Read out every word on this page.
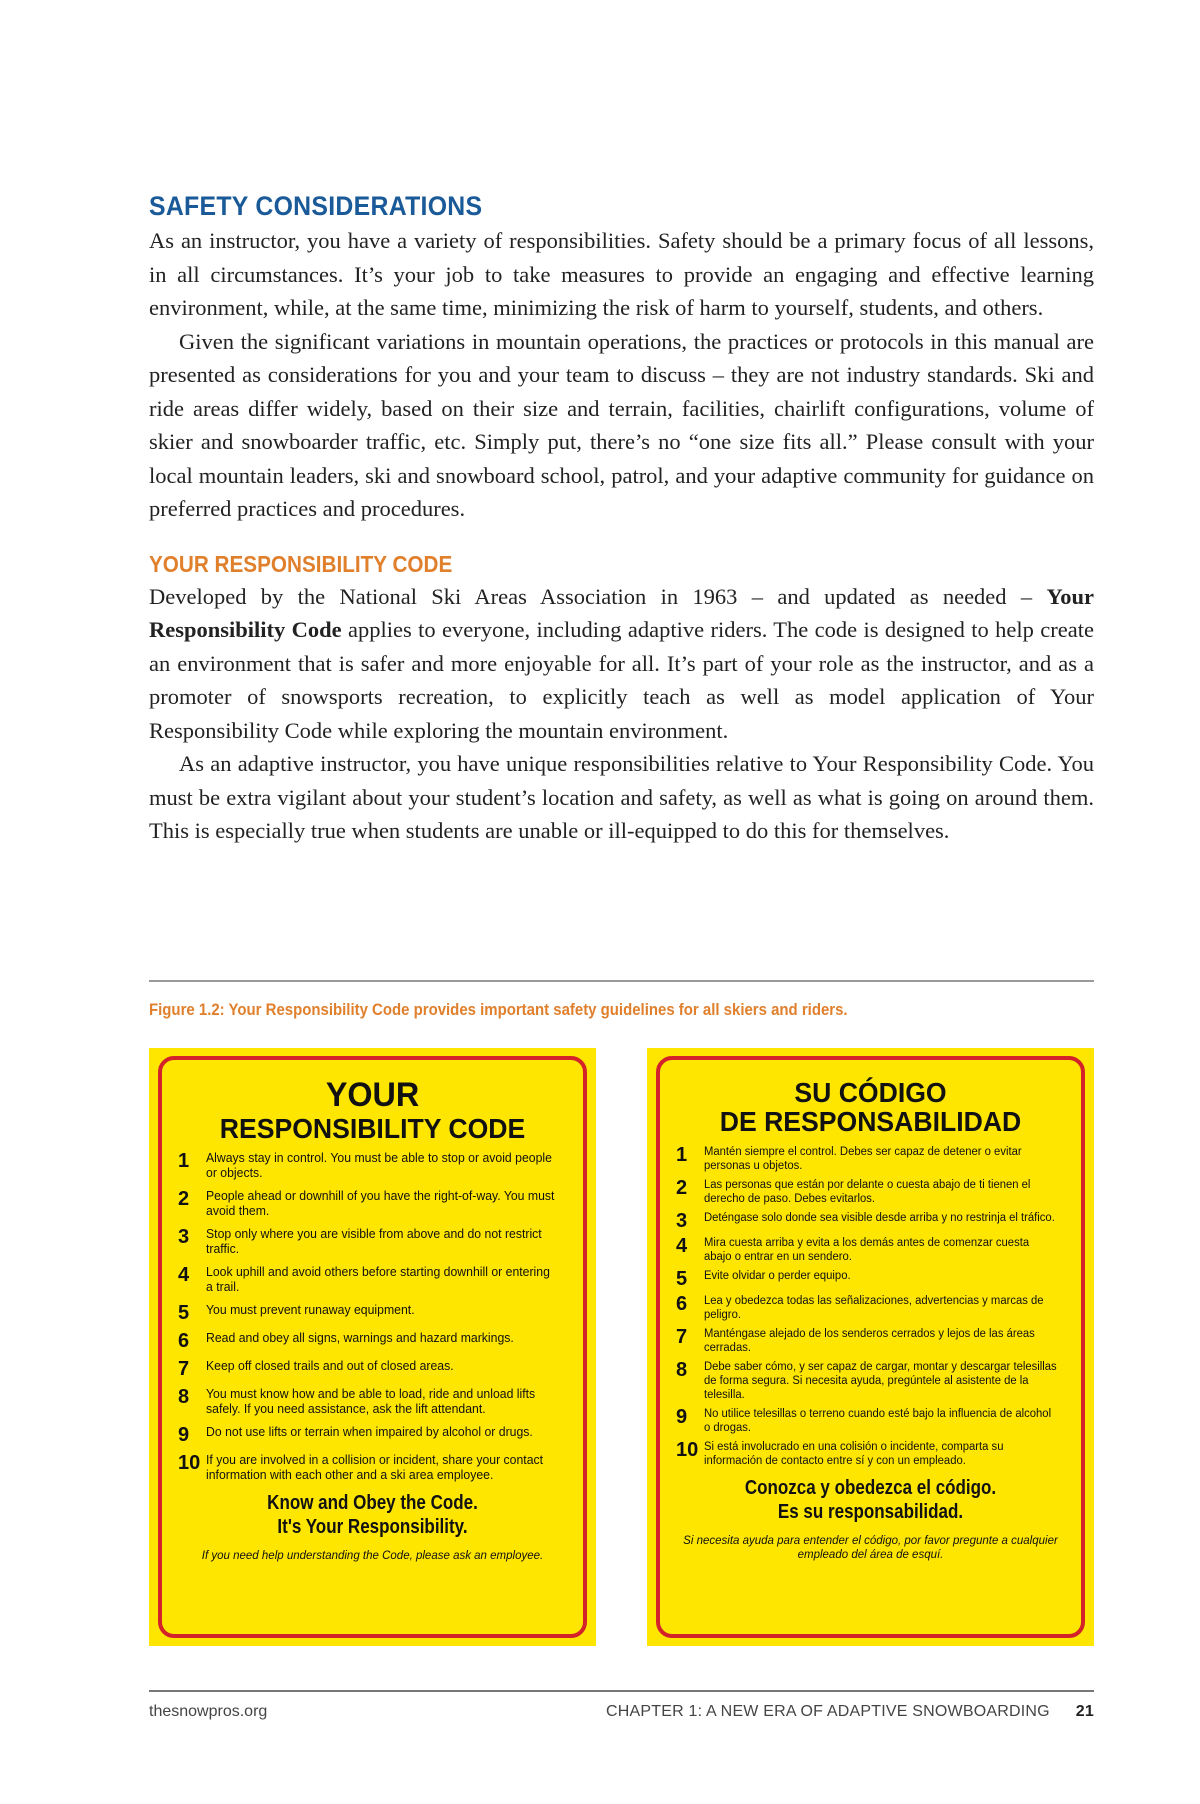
SAFETY CONSIDERATIONS

As an instructor, you have a variety of responsibilities. Safety should be a primary focus of all lessons, in all circumstances. It’s your job to take measures to provide an engaging and effective learning environment, while, at the same time, minimizing the risk of harm to yourself, students, and others.

Given the significant variations in mountain operations, the practices or protocols in this manual are presented as considerations for you and your team to discuss – they are not industry standards. Ski and ride areas differ widely, based on their size and terrain, facilities, chairlift configurations, volume of skier and snowboarder traffic, etc. Simply put, there’s no “one size fits all.” Please consult with your local mountain leaders, ski and snowboard school, patrol, and your adaptive community for guidance on preferred practices and procedures.

YOUR RESPONSIBILITY CODE

Developed by the National Ski Areas Association in 1963 – and updated as needed – Your Responsibility Code applies to everyone, including adaptive riders. The code is designed to help create an environment that is safer and more enjoyable for all. It’s part of your role as the instructor, and as a promoter of snowsports recreation, to explicitly teach as well as model application of Your Responsibility Code while exploring the mountain environment.

As an adaptive instructor, you have unique responsibilities relative to Your Responsibility Code. You must be extra vigilant about your student’s location and safety, as well as what is going on around them. This is especially true when students are unable or ill-equipped to do this for themselves.

Figure 1.2: Your Responsibility Code provides important safety guidelines for all skiers and riders.
YOUR
RESPONSIBILITY CODE
1	Always stay in control. You must be able to stop or avoid people or objects.
2	People ahead or downhill of you have the right-of-way. You must avoid them.
3	Stop only where you are visible from above and do not restrict traffic.
4	Look uphill and avoid others before starting downhill or entering a trail.
5	You must prevent runaway equipment.
6	Read and obey all signs, warnings and hazard markings.
7	Keep off closed trails and out of closed areas.
8	You must know how and be able to load, ride and unload lifts safely. If you need assistance, ask the lift attendant.
9	Do not use lifts or terrain when impaired by alcohol or drugs.
10 If you are involved in a collision or incident, share your contact information with each other and a ski area employee.
Know and Obey the Code.
It's Your Responsibility.
If you need help understanding the Code, please ask an employee.
SU CÓDIGO
DE RESPONSABILIDAD
1	Mantén siempre el control. Debes ser capaz de detener o evitar personas u objetos.
2	Las personas que están por delante o cuesta abajo de ti tienen el derecho de paso. Debes evitarlos.
3	Deténgase solo donde sea visible desde arriba y no restrinja el tráfico.
4	Mira cuesta arriba y evita a los demás antes de comenzar cuesta abajo o entrar en un sendero.
5	Evite olvidar o perder equipo.
6	Lea y obedezca todas las señalizaciones, advertencias y marcas de peligro.
7	Manténgase alejado de los senderos cerrados y lejos de las áreas cerradas.
8	Debe saber cómo, y ser capaz de cargar, montar y descargar telesillas de forma segura. Si necesita ayuda, pregúntele al asistente de la telesilla.
9	No utilice telesillas o terreno cuando esté bajo la influencia de alcohol o drogas.
10 Si está involucrado en una colisión o incidente, comparta su información de contacto entre sí y con un empleado.
Conozca y obedezca el código.
Es su responsabilidad.
Si necesita ayuda para entender el código, por favor pregunte a cualquier empleado del área de esquí.
thesnowpros.org	CHAPTER 1: A NEW ERA OF ADAPTIVE SNOWBOARDING 21
